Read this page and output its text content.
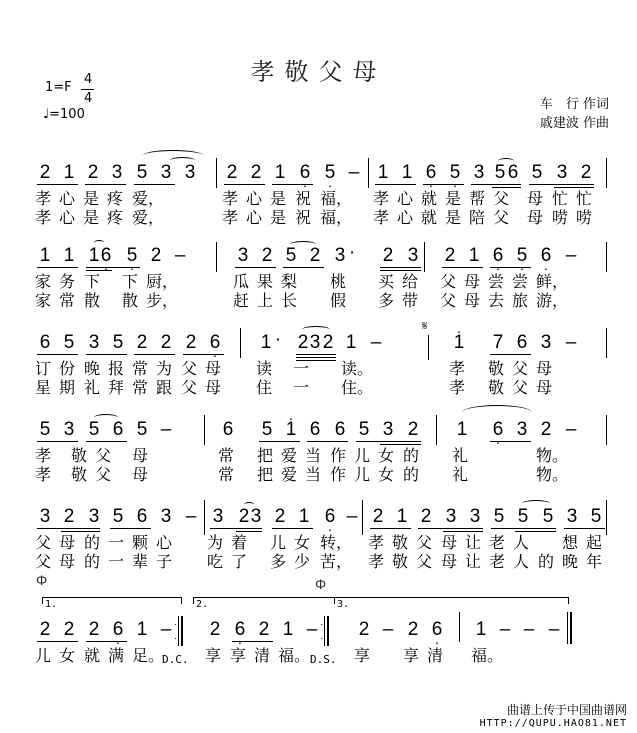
孝敬父母
1=F
4
4
♩=100
车　行 作词
戚建波 作曲
2 1 2 3 5 3 3 2 2 1 6 · 5 · – 1 1 6 · 5 · 3 5 6 5 3 2
孝 心 是 疼 爱，	孝 心 是 祝 福， 孝 心 就 是 帮 父 母 忙 忙
孝 心 是 疼 爱，	孝 心 是 祝 福， 孝 心 就 是 陪 父 母 唠 唠
1 1 1 6 · 5 · 2 –	3 2 5 2 3 · 2 3 2 1 6 · 5 · 6 · –
家 务 下 下 厨，	瓜 果 梨 桃 买 给 父 母 尝 尝 鲜，
家 常 散 散 步，	赶 上 长 假 多 带 父 母 去 旅 游，
6 5 3 5 2 2 2 6 · 1 · 2 3 2 1 –
𝄋
· 1 7 6 3 –
订 份 晚 报 常 为 父 母 读 一 读。	孝 敬 父 母
星 期 礼 拜 常 跟 父 母 住 一 住。	孝 敬 父 母
5 3 5 6 5 –	6 5 · 1 6 6 5 3 2 1 6 · 3 2 –
孝 敬 父 母	常 把 爱 当 作 儿 女 的 礼	物。
孝 敬 父 母	常 把 爱 当 作 儿 女 的 礼	物。
3 2 3 5 6 3 – 3 2 3 2 1 6 · – 2 1 2 3 3 5 5 5 3 5
父 母 的 一 颗 心 为 着 儿 女 转， 孝 敬 父 母 让 老 人 想 起
父 母 的 一 辈 子 吃 了 多 少 苦， 孝 敬 父 母 让 老 人 的 晚 年
Φ	Φ
1.	2.	3.
2 2 2 6 · 1 – ·

· 2 6 · 2 1 – ·

· 2 – 2 6 · 1 – – –
儿 女 就 满 足。
D.C. 享 享 清 福。 D.S. 享 享 清 福。
曲谱上传于中国曲谱网
HTTP://QUPU.HAO81.NET
